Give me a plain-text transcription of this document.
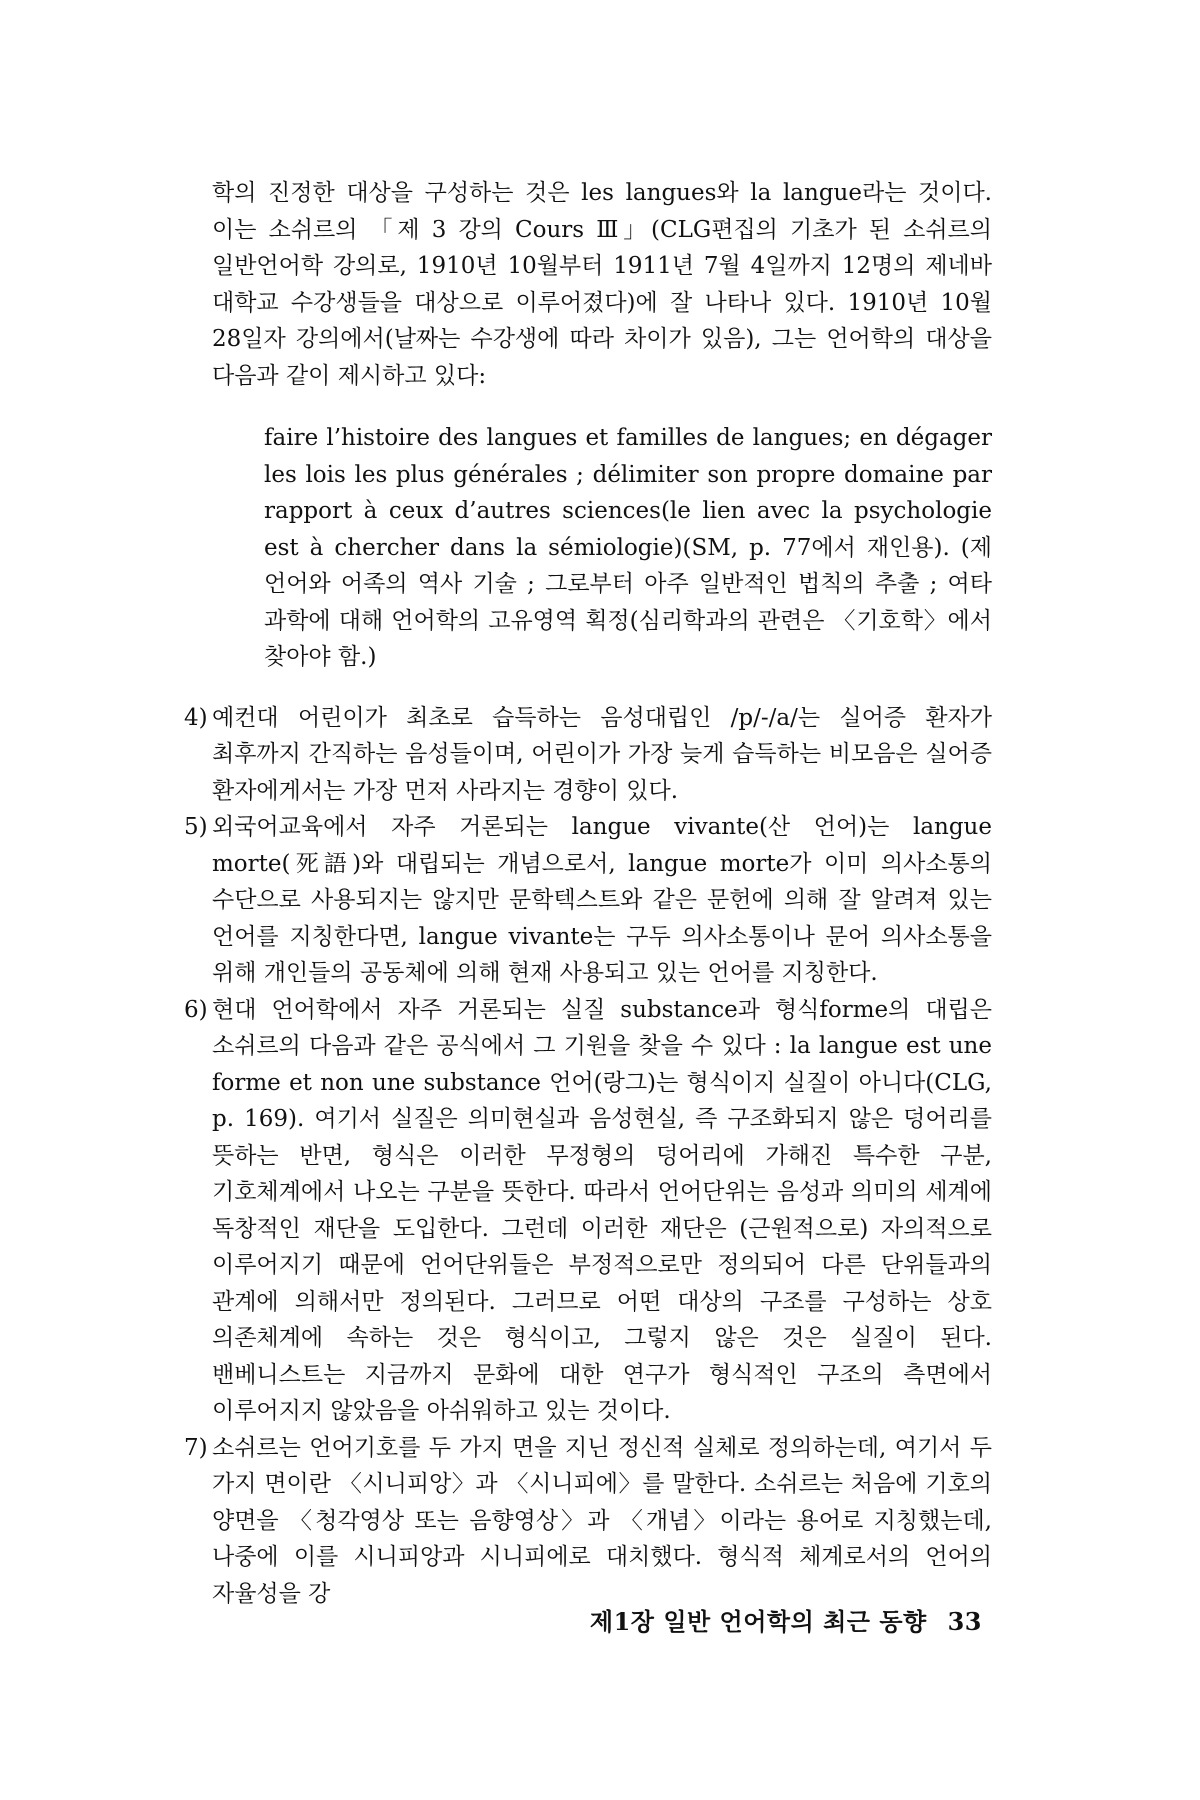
학의 진정한 대상을 구성하는 것은 les langues와 la langue라는 것이다. 이는 소쉬르의 「제 3 강의 Cours Ⅲ」(CLG편집의 기초가 된 소쉬르의 일반언어학 강의로, 1910년 10월부터 1911년 7월 4일까지 12명의 제네바 대학교 수강생들을 대상으로 이루어졌다)에 잘 나타나 있다. 1910년 10월 28일자 강의에서(날짜는 수강생에 따라 차이가 있음), 그는 언어학의 대상을 다음과 같이 제시하고 있다:

faire l’histoire des langues et familles de langues; en dégager les lois les plus générales ; délimiter son propre domaine par rapport à ceux d’autres sciences(le lien avec la psychologie est à chercher dans la sémiologie)(SM, p. 77에서 재인용). (제 언어와 어족의 역사 기술 ; 그로부터 아주 일반적인 법칙의 추출 ; 여타 과학에 대해 언어학의 고유영역 획정(심리학과의 관련은 〈기호학〉에서 찾아야 함.)

4) 예컨대 어린이가 최초로 습득하는 음성대립인 /p/-/a/는 실어증 환자가 최후까지 간직하는 음성들이며, 어린이가 가장 늦게 습득하는 비모음은 실어증 환자에게서는 가장 먼저 사라지는 경향이 있다.
5) 외국어교육에서 자주 거론되는 langue vivante(산 언어)는 langue morte(死語)와 대립되는 개념으로서, langue morte가 이미 의사소통의 수단으로 사용되지는 않지만 문학텍스트와 같은 문헌에 의해 잘 알려져 있는 언어를 지칭한다면, langue vivante는 구두 의사소통이나 문어 의사소통을 위해 개인들의 공동체에 의해 현재 사용되고 있는 언어를 지칭한다.
6) 현대 언어학에서 자주 거론되는 실질 substance과 형식forme의 대립은 소쉬르의 다음과 같은 공식에서 그 기원을 찾을 수 있다 : la langue est une forme et non une substance 언어(랑그)는 형식이지 실질이 아니다(CLG, p. 169). 여기서 실질은 의미현실과 음성현실, 즉 구조화되지 않은 덩어리를 뜻하는 반면, 형식은 이러한 무정형의 덩어리에 가해진 특수한 구분, 기호체계에서 나오는 구분을 뜻한다. 따라서 언어단위는 음성과 의미의 세계에 독창적인 재단을 도입한다. 그런데 이러한 재단은 (근원적으로) 자의적으로 이루어지기 때문에 언어단위들은 부정적으로만 정의되어 다른 단위들과의 관계에 의해서만 정의된다. 그러므로 어떤 대상의 구조를 구성하는 상호 의존체계에 속하는 것은 형식이고, 그렇지 않은 것은 실질이 된다. 밴베니스트는 지금까지 문화에 대한 연구가 형식적인 구조의 측면에서 이루어지지 않았음을 아쉬워하고 있는 것이다.
7) 소쉬르는 언어기호를 두 가지 면을 지닌 정신적 실체로 정의하는데, 여기서 두 가지 면이란 〈시니피앙〉과 〈시니피에〉를 말한다. 소쉬르는 처음에 기호의 양면을 〈청각영상 또는 음향영상〉과 〈개념〉이라는 용어로 지칭했는데, 나중에 이를 시니피앙과 시니피에로 대치했다. 형식적 체계로서의 언어의 자율성을 강
제1장 일반 언어학의 최근 동향 33
